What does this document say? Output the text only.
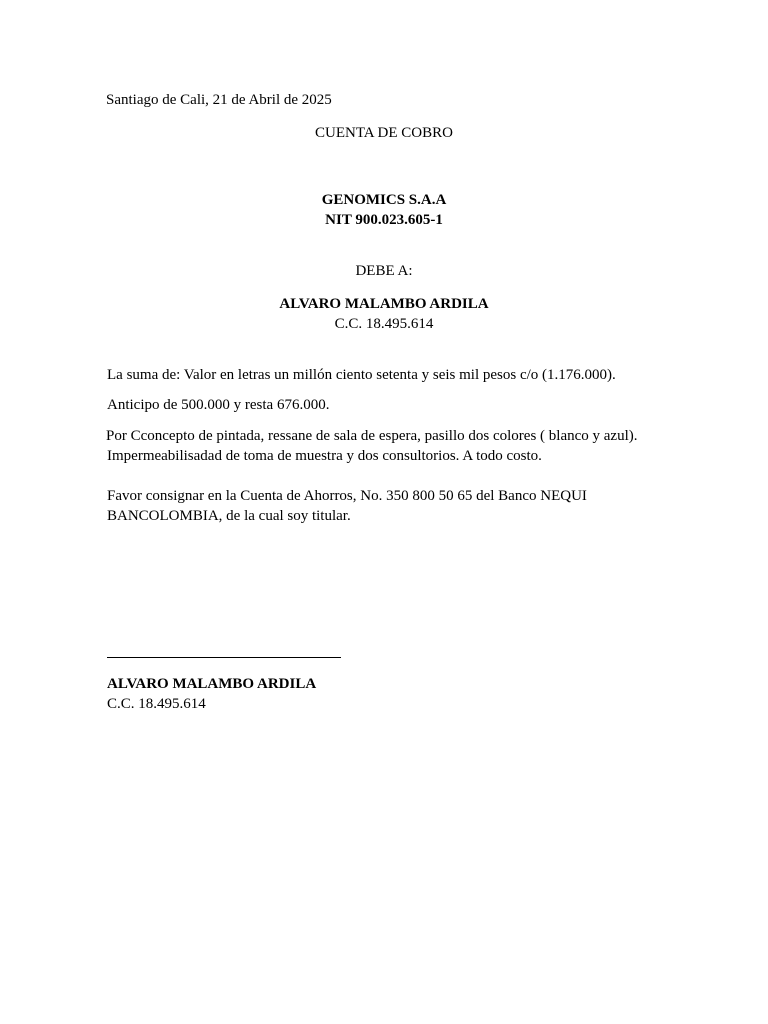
Santiago de Cali, 21 de Abril de 2025

CUENTA DE COBRO

GENOMICS S.A.A

NIT 900.023.605-1

DEBE A:

ALVARO MALAMBO ARDILA

C.C. 18.495.614

La suma de: Valor en letras un millón ciento setenta y seis mil pesos c/o (1.176.000).

Anticipo de 500.000 y resta 676.000.

Por Cconcepto de pintada, ressane de sala de espera, pasillo dos colores ( blanco y azul).

Impermeabilisadad de toma de muestra y dos consultorios. A todo costo.

Favor consignar en la Cuenta de Ahorros, No. 350 800 50 65 del Banco NEQUI

BANCOLOMBIA, de la cual soy titular.

ALVARO MALAMBO ARDILA

C.C. 18.495.614
